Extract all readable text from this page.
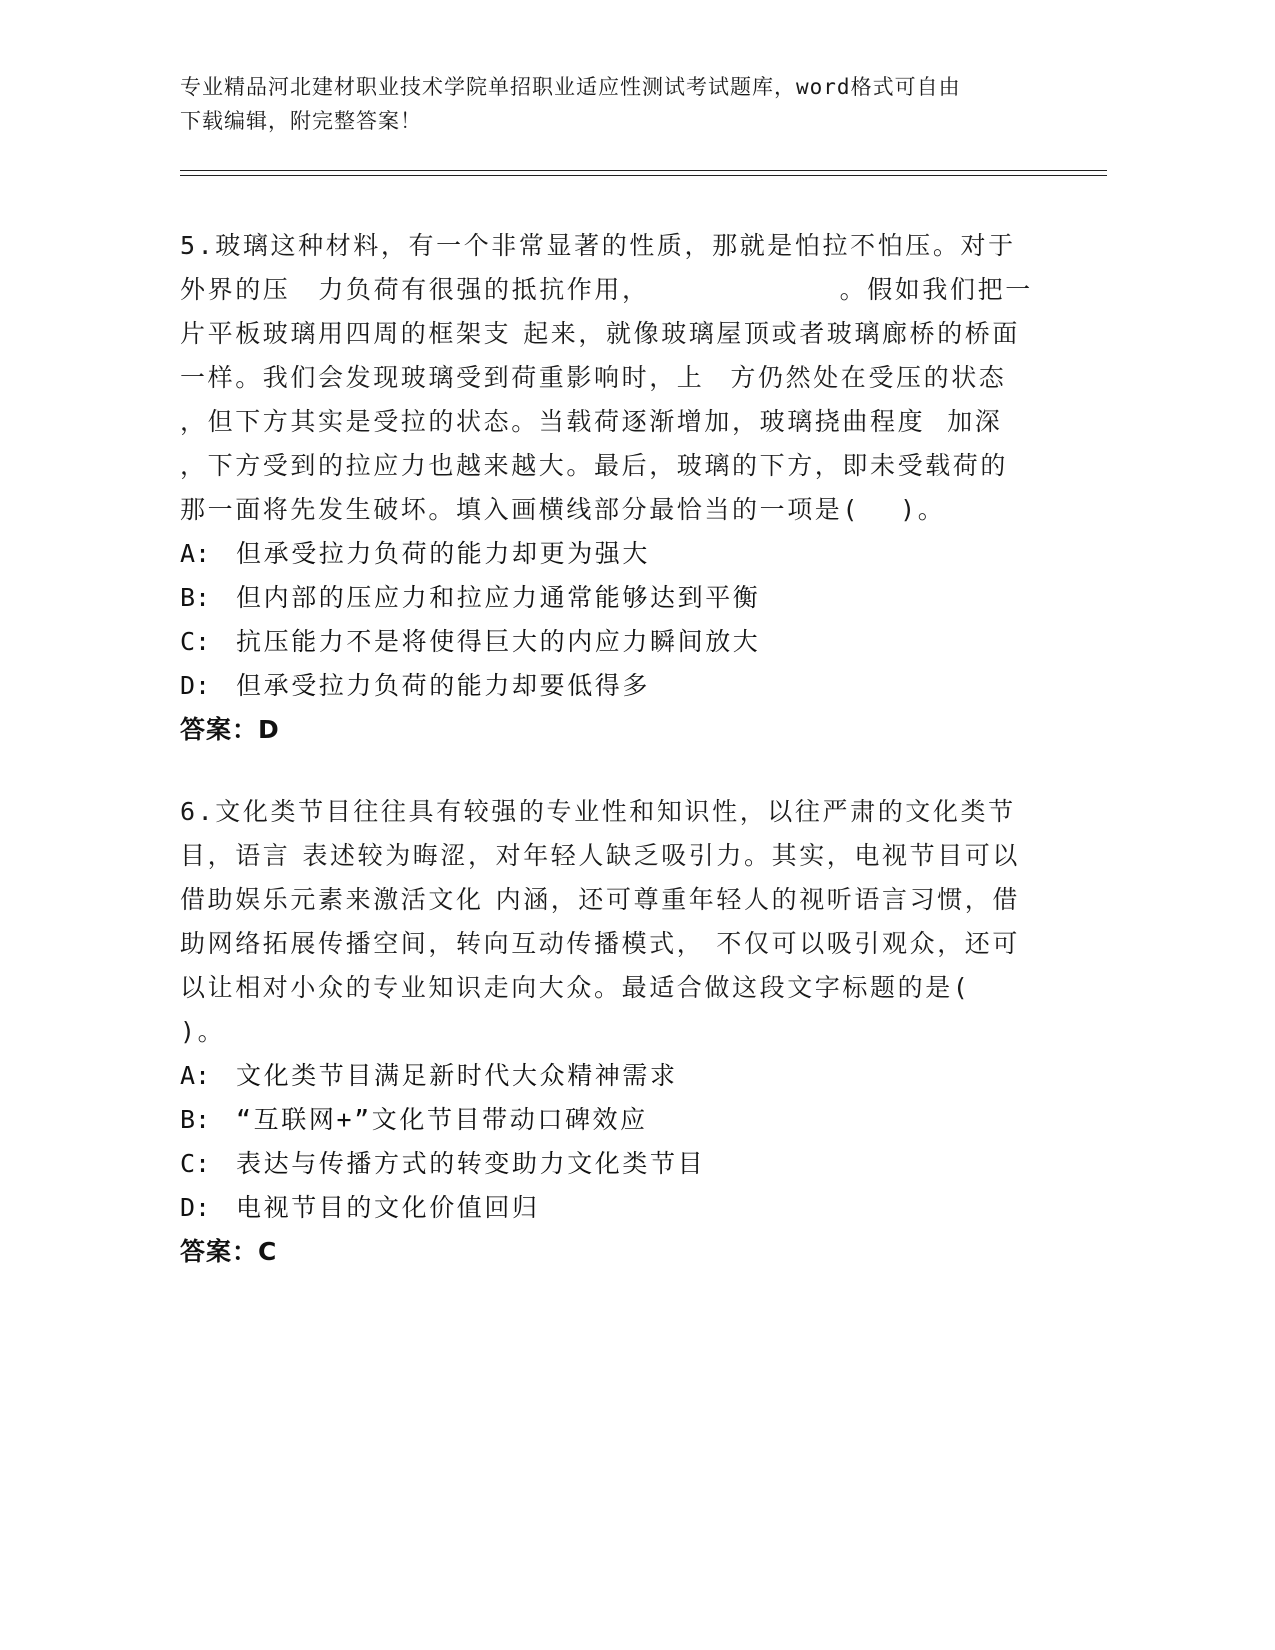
专业精品河北建材职业技术学院单招职业适应性测试考试题库，word格式可自由
下载编辑，附完整答案！
5.玻璃这种材料，有一个非常显著的性质，那就是怕拉不怕压。对于
外界的压 力负荷有很强的抵抗作用，	。假如我们把一
片平板玻璃用四周的框架支 起来，就像玻璃屋顶或者玻璃廊桥的桥面
一样。我们会发现玻璃受到荷重影响时，上 方仍然处在受压的状态
，但下方其实是受拉的状态。当载荷逐渐增加，玻璃挠曲程度 加深
，下方受到的拉应力也越来越大。最后，玻璃的下方，即未受载荷的
那一面将先发生破坏。填入画横线部分最恰当的一项是( )。
A: 但承受拉力负荷的能力却更为强大
B: 但内部的压应力和拉应力通常能够达到平衡
C: 抗压能力不是将使得巨大的内应力瞬间放大
D: 但承受拉力负荷的能力却要低得多
答案：D
6.文化类节目往往具有较强的专业性和知识性，以往严肃的文化类节
目，语言 表述较为晦涩，对年轻人缺乏吸引力。其实，电视节目可以
借助娱乐元素来激活文化 内涵，还可尊重年轻人的视听语言习惯，借
助网络拓展传播空间，转向互动传播模式， 不仅可以吸引观众，还可
以让相对小众的专业知识走向大众。最适合做这段文字标题的是(
)。
A: 文化类节目满足新时代大众精神需求
B: “互联网+”文化节目带动口碑效应
C: 表达与传播方式的转变助力文化类节目
D: 电视节目的文化价值回归
答案：C
